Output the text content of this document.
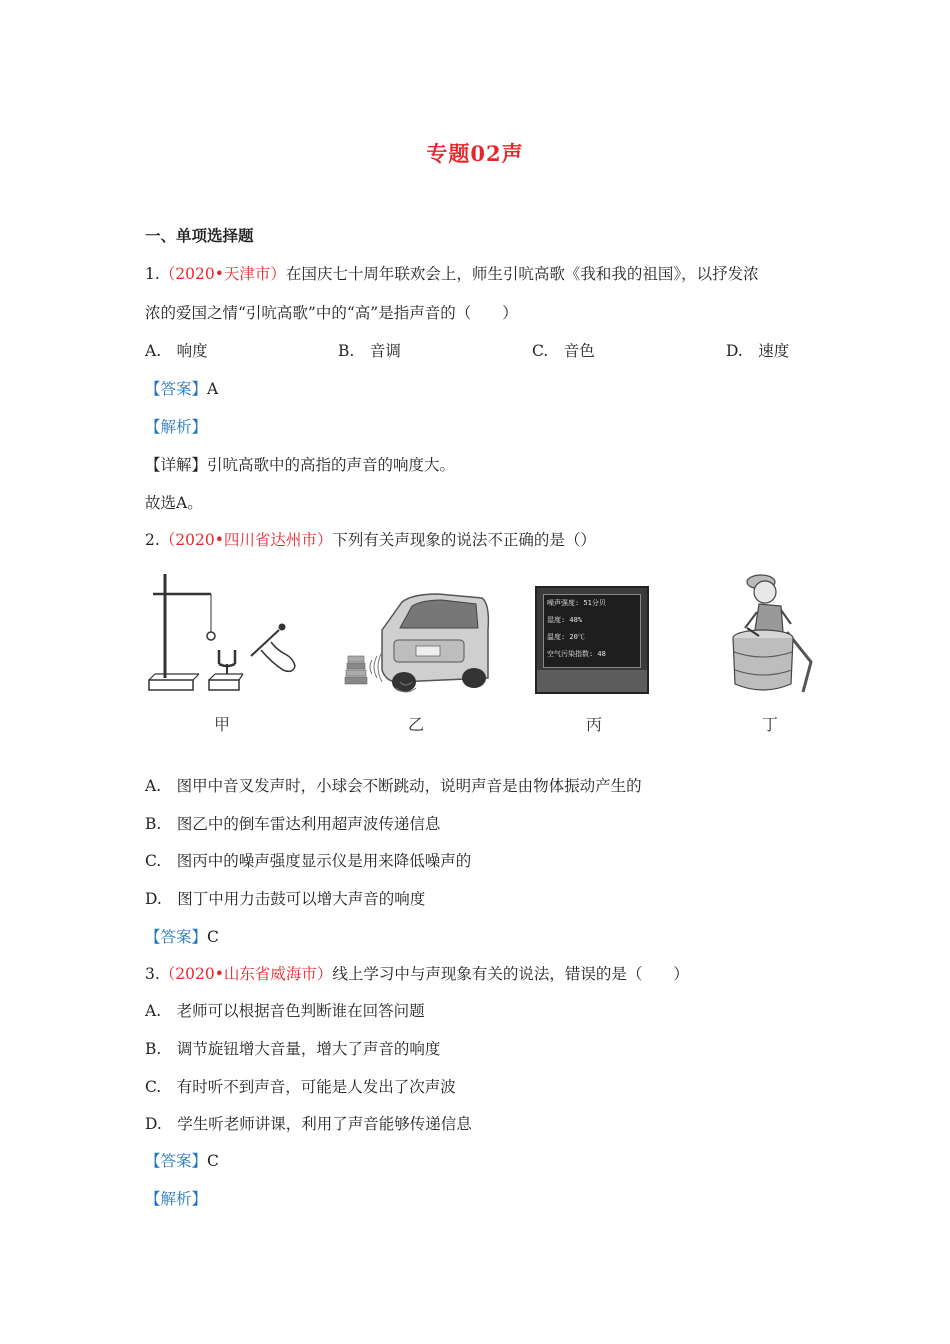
专题02声
一、单项选择题
1.（2020•天津市）在国庆七十周年联欢会上，师生引吭高歌《我和我的祖国》，以抒发浓
浓的爱国之情“引吭高歌”中的“高”是指声音的（　　）
A.　响度	B.　音调	C.　音色	D.　速度
【答案】A
【解析】
【详解】引吭高歌中的高指的声音的响度大。
故选A。
2.（2020•四川省达州市）下列有关声现象的说法不正确的是（）
甲	乙
噪声强度: 51分贝
湿度: 48%
温度: 20℃
空气污染指数: 48
丙	丁
A.　图甲中音叉发声时，小球会不断跳动，说明声音是由物体振动产生的
B.　图乙中的倒车雷达利用超声波传递信息
C.　图丙中的噪声强度显示仪是用来降低噪声的
D.　图丁中用力击鼓可以增大声音的响度
【答案】C
3.（2020•山东省威海市）线上学习中与声现象有关的说法，错误的是（　　）
A.　老师可以根据音色判断谁在回答问题
B.　调节旋钮增大音量，增大了声音的响度
C.　有时听不到声音，可能是人发出了次声波
D.　学生听老师讲课，利用了声音能够传递信息
【答案】C
【解析】
